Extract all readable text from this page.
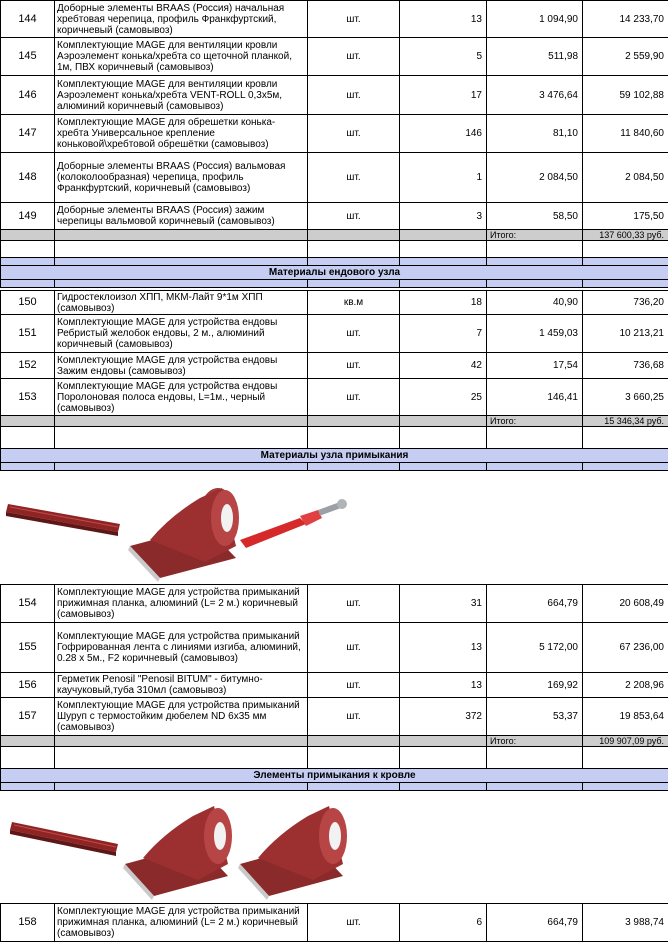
144	Доборные элементы BRAAS (Россия) начальная хребтовая черепица, профиль Франкфуртский, коричневый (самовывоз)	шт.	13	1 094,90	14 233,70
145	Комплектующие MAGE для вентиляции кровли Аэроэлемент конька/хребта со щеточной планкой, 1м, ПВХ коричневый (самовывоз)	шт.	5	511,98	2 559,90
146	Комплектующие MAGE для вентиляции кровли Аэроэлемент конька/хребта VENT-ROLL 0,3х5м, алюминий коричневый (самовывоз)	шт.	17	3 476,64	59 102,88
147	Комплектующие MAGE для обрешетки конька-хребта Универсальное крепление коньковой\хребтовой обрешётки (самовывоз)	шт.	146	81,10	11 840,60
148	Доборные элементы BRAAS (Россия) вальмовая (колоколообразная) черепица, профиль Франкфуртский, коричневый (самовывоз)	шт.	1	2 084,50	2 084,50
149	Доборные элементы BRAAS (Россия) зажим черепицы вальмовой коричневый (самовывоз)	шт.	3	58,50	175,50
				Итого:	137 600,33 руб.

Материалы ендового узла					

150	Гидростеклоизол ХПП, МКМ-Лайт 9*1м ХПП (самовывоз)	кв.м	18	40,90	736,20
151	Комплектующие MAGE для устройства ендовы Ребристый желобок ендовы, 2 м., алюминий коричневый (самовывоз)	шт.	7	1 459,03	10 213,21
152	Комплектующие MAGE для устройства ендовы Зажим ендовы (самовывоз)	шт.	42	17,54	736,68
153	Комплектующие MAGE для устройства ендовы Поролоновая полоса ендовы, L=1м., черный (самовывоз)	шт.	25	146,41	3 660,25
				Итого:	15 346,34 руб.

Материалы узла примыкания					

154	Комплектующие MAGE для устройства примыканий прижимная планка, алюминий (L= 2 м.) коричневый (самовывоз)	шт.	31	664,79	20 608,49
155	Комплектующие MAGE для устройства примыканий Гофрированная лента с линиями изгиба, алюминий, 0.28 х 5м., F2 коричневый (самовывоз)	шт.	13	5 172,00	67 236,00
156	Герметик Penosil "Penosil BITUM" - битумно-каучуковый,туба 310мл (самовывоз)	шт.	13	169,92	2 208,96
157	Комплектующие MAGE для устройства примыканий Шуруп с термостойким дюбелем ND 6х35 мм (самовывоз)	шт.	372	53,37	19 853,64
				Итого:	109 907,09 руб.

Элементы примыкания к кровле					

158	Комплектующие MAGE для устройства примыканий прижимная планка, алюминий (L= 2 м.) коричневый (самовывоз)	шт.	6	664,79	3 988,74
